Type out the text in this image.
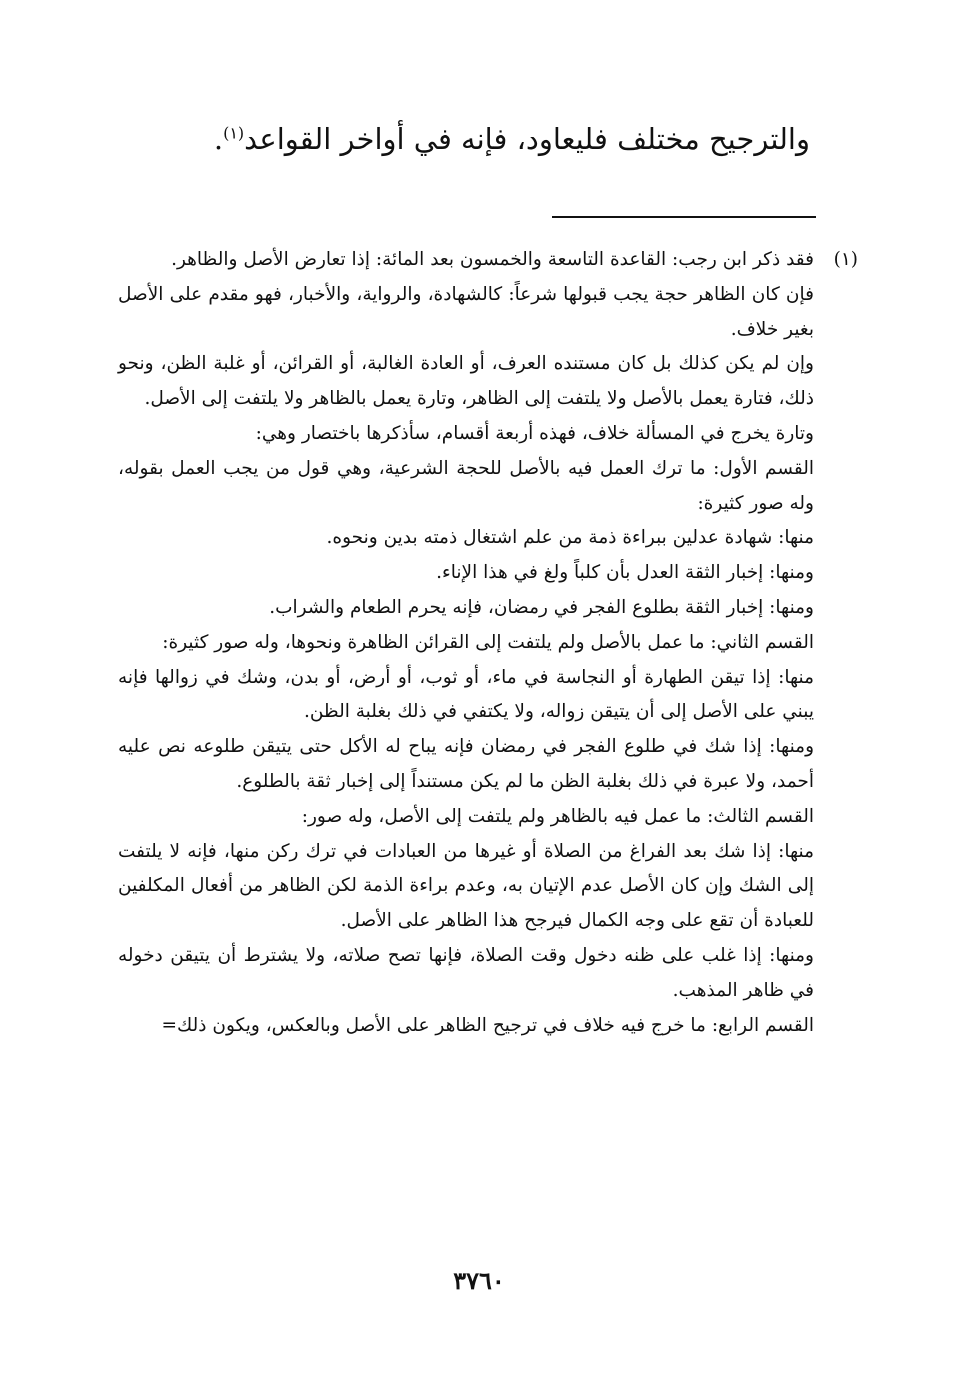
والترجيح مختلف فليعاود، فإنه في أواخر القواعد$^{(١)}$.
(١)

فقد ذكر ابن رجب: القاعدة التاسعة والخمسون بعد المائة: إذا تعارض الأصل والظاهر.

فإن كان الظاهر حجة يجب قبولها شرعاً: كالشهادة، والرواية، والأخبار، فهو مقدم على الأصل بغير خلاف.

وإن لم يكن كذلك بل كان مستنده العرف، أو العادة الغالبة، أو القرائن، أو غلبة الظن، ونحو ذلك، فتارة يعمل بالأصل ولا يلتفت إلى الظاهر، وتارة يعمل بالظاهر ولا يلتفت إلى الأصل.

وتارة يخرج في المسألة خلاف، فهذه أربعة أقسام، سأذكرها باختصار وهي:

القسم الأول: ما ترك العمل فيه بالأصل للحجة الشرعية، وهي قول من يجب العمل بقوله، وله صور كثيرة:

منها: شهادة عدلين ببراءة ذمة من علم اشتغال ذمته بدين ونحوه.

ومنها: إخبار الثقة العدل بأن كلباً ولغ في هذا الإناء.

ومنها: إخبار الثقة بطلوع الفجر في رمضان، فإنه يحرم الطعام والشراب.

القسم الثاني: ما عمل بالأصل ولم يلتفت إلى القرائن الظاهرة ونحوها، وله صور كثيرة:

منها: إذا تيقن الطهارة أو النجاسة في ماء، أو ثوب، أو أرض، أو بدن، وشك في زوالها فإنه يبني على الأصل إلى أن يتيقن زواله، ولا يكتفي في ذلك بغلبة الظن.

ومنها: إذا شك في طلوع الفجر في رمضان فإنه يباح له الأكل حتى يتيقن طلوعه نص عليه أحمد، ولا عبرة في ذلك بغلبة الظن ما لم يكن مستنداً إلى إخبار ثقة بالطلوع.

القسم الثالث: ما عمل فيه بالظاهر ولم يلتفت إلى الأصل، وله صور:

منها: إذا شك بعد الفراغ من الصلاة أو غيرها من العبادات في ترك ركن منها، فإنه لا يلتفت إلى الشك وإن كان الأصل عدم الإتيان به، وعدم براءة الذمة لكن الظاهر من أفعال المكلفين للعبادة أن تقع على وجه الكمال فيرجح هذا الظاهر على الأصل.

ومنها: إذا غلب على ظنه دخول وقت الصلاة، فإنها تصح صلاته، ولا يشترط أن يتيقن دخوله في ظاهر المذهب.

القسم الرابع: ما خرج فيه خلاف في ترجيح الظاهر على الأصل وبالعكس، ويكون ذلك=

٣٧٦٠
